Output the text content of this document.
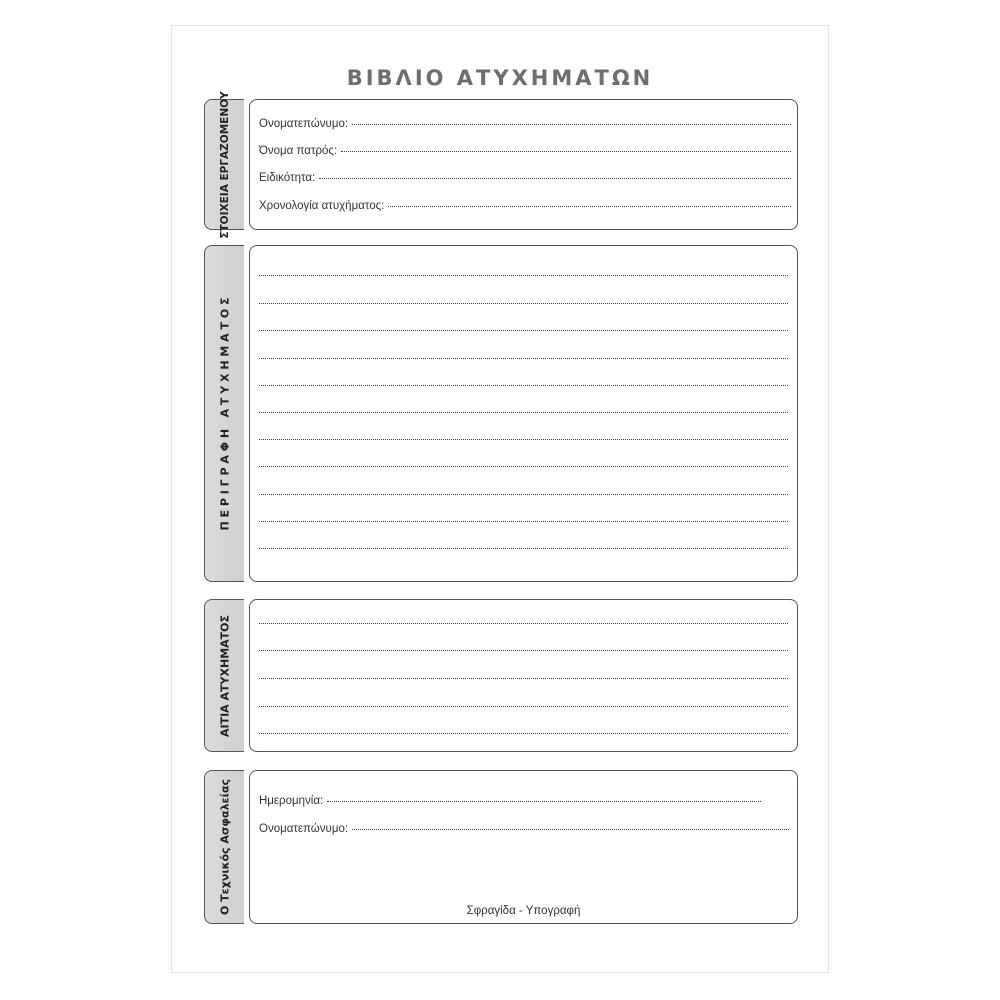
ΒΙΒΛΙΟ ΑΤΥΧΗΜΑΤΩΝ
ΣΤΟΙΧΕΙΑ ΕΡΓΑΖΟΜΕΝΟΥ Ονοματεπώνυμο:
Όνομα πατρός:
Ειδικότητα:
Χρονολογία ατυχήματος:
Π Ε Ρ Ι Γ Ρ Α Φ Η   Α Τ Υ Χ Η Μ Α Τ Ο Σ
ΑΙΤΙΑ ΑΤΥΧΗΜΑΤΟΣ
Ο Τεχνικός Ασφαλείας Ημερομηνία:
Ονοματεπώνυμο:
Σφραγίδα - Υπογραφή
